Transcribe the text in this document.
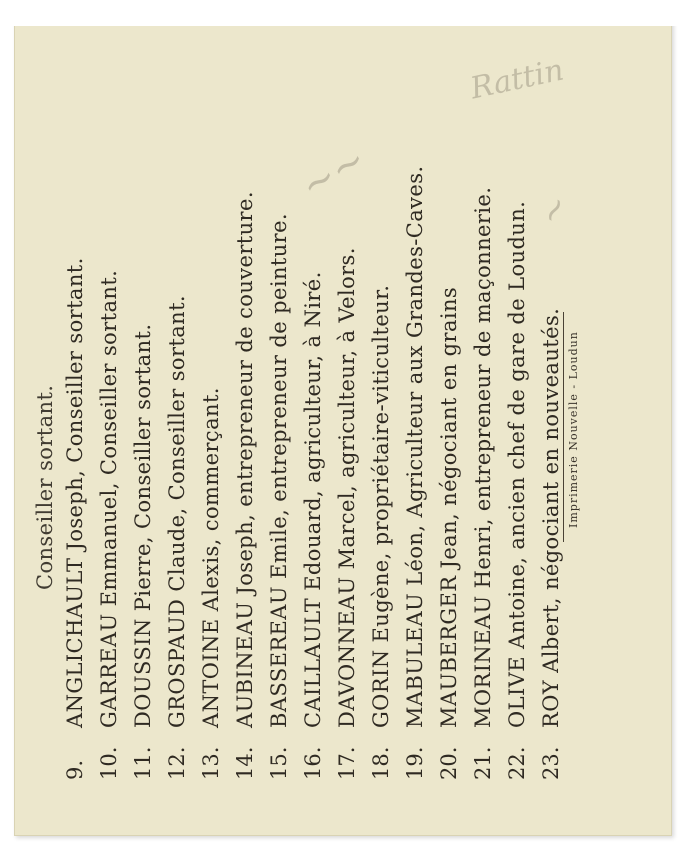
Conseiller sortant.
9.ANGLICHAULT Joseph, Conseiller sortant.
10.GARREAU Emmanuel, Conseiller sortant.
11.DOUSSIN Pierre, Conseiller sortant.
12.GROSPAUD Claude, Conseiller sortant.
13.ANTOINE Alexis, commerçant.
14.AUBINEAU Joseph, entrepreneur de couverture.
15.BASSEREAU Emile, entrepreneur de peinture.
16.CAILLAULT Edouard, agriculteur, à Niré.
17.DAVONNEAU Marcel, agriculteur, à Velors.
18.GORIN Eugène, propriétaire-viticulteur.
19.MABULEAU Léon, Agriculteur aux Grandes-Caves.
20.MAUBERGER Jean, négociant en grains
21.MORINEAU Henri, entrepreneur de maçonnerie.
22.OLIVE Antoine, ancien chef de gare de Loudun.
23.ROY Albert, négociant en nouveautés. Imprimerie Nouvelle - Loudun
Rattin
~~
~
